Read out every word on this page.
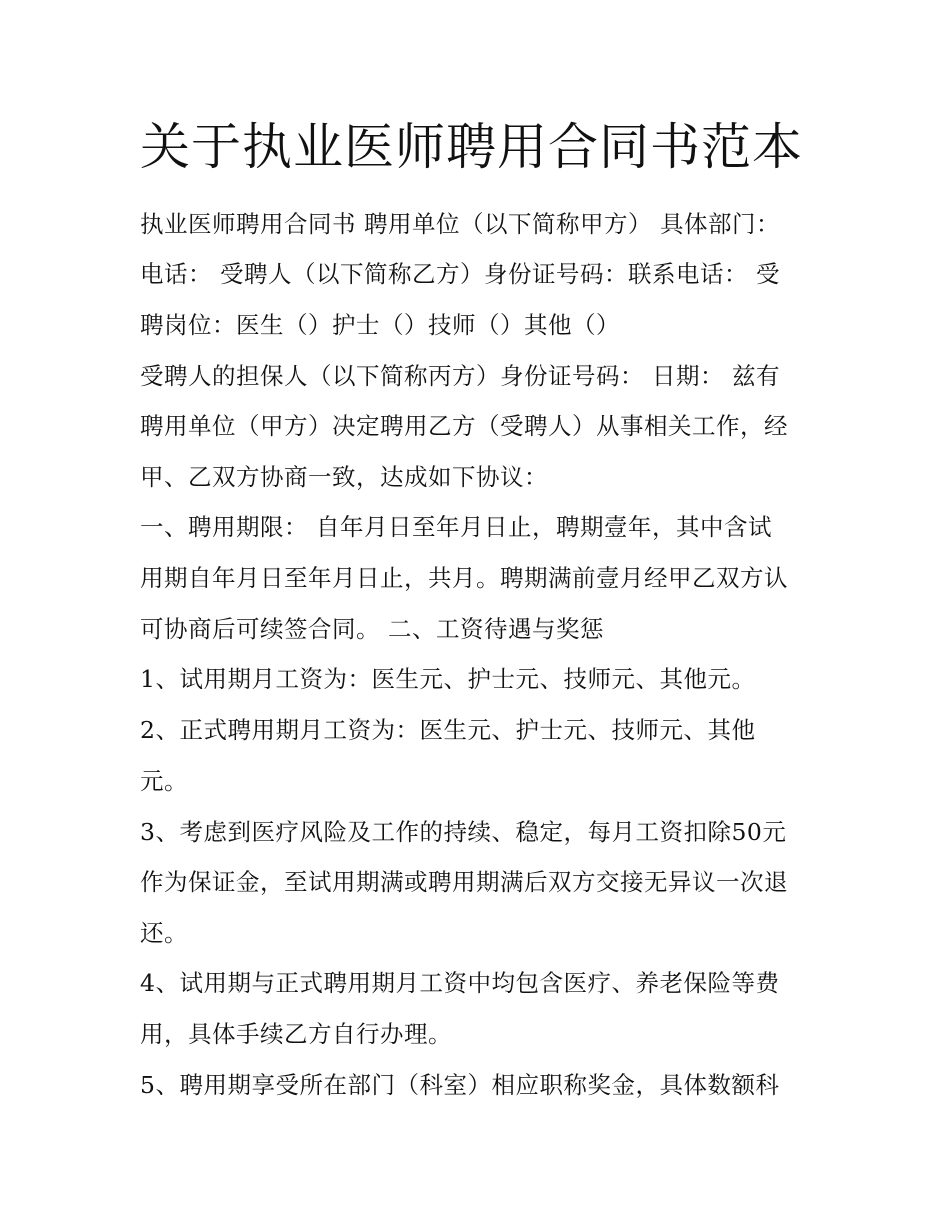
关于执业医师聘用合同书范本
执业医师聘用合同书 聘用单位（以下简称甲方） 具体部门：
电话： 受聘人（以下简称乙方）身份证号码：联系电话： 受
聘岗位：医生（）护士（）技师（）其他（）
受聘人的担保人（以下简称丙方）身份证号码： 日期： 兹有
聘用单位（甲方）决定聘用乙方（受聘人）从事相关工作，经
甲、乙双方协商一致，达成如下协议：
一、聘用期限： 自年月日至年月日止，聘期壹年，其中含试
用期自年月日至年月日止，共月。聘期满前壹月经甲乙双方认
可协商后可续签合同。 二、工资待遇与奖惩
1、试用期月工资为：医生元、护士元、技师元、其他元。
2、正式聘用期月工资为：医生元、护士元、技师元、其他
元。
3、考虑到医疗风险及工作的持续、稳定，每月工资扣除50元
作为保证金，至试用期满或聘用期满后双方交接无异议一次退
还。
4、试用期与正式聘用期月工资中均包含医疗、养老保险等费
用，具体手续乙方自行办理。
5、聘用期享受所在部门（科室）相应职称奖金，具体数额科
